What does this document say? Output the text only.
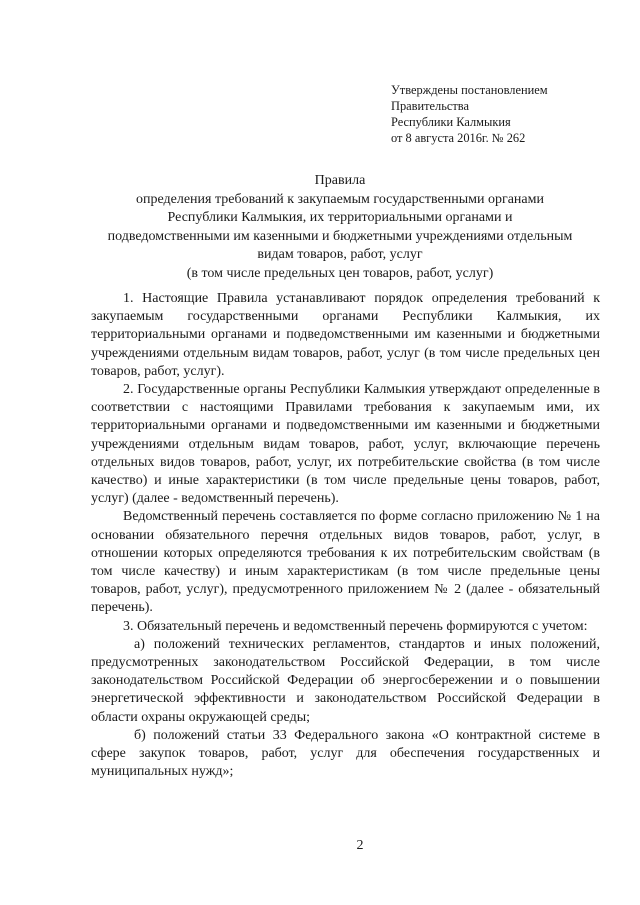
Утверждены постановлением
Правительства
Республики Калмыкия
от 8 августа 2016г. № 262
Правила
определения требований к закупаемым государственными органами
Республики Калмыкия, их территориальными органами и
подведомственными им казенными и бюджетными учреждениями отдельным
видам товаров, работ, услуг
(в том числе предельных цен товаров, работ, услуг)

1. Настоящие Правила устанавливают порядок определения требований к закупаемым государственными органами Республики Калмыкия, их территориальными органами и подведомственными им казенными и бюджетными учреждениями отдельным видам товаров, работ, услуг (в том числе предельных цен товаров, работ, услуг).

2. Государственные органы Республики Калмыкия утверждают определенные в соответствии с настоящими Правилами требования к закупаемым ими, их территориальными органами и подведомственными им казенными и бюджетными учреждениями отдельным видам товаров, работ, услуг, включающие перечень отдельных видов товаров, работ, услуг, их потребительские свойства (в том числе качество) и иные характеристики (в том числе предельные цены товаров, работ, услуг) (далее - ведомственный перечень).

Ведомственный перечень составляется по форме согласно приложению № 1 на основании обязательного перечня отдельных видов товаров, работ, услуг, в отношении которых определяются требования к их потребительским свойствам (в том числе качеству) и иным характеристикам (в том числе предельные цены товаров, работ, услуг), предусмотренного приложением № 2 (далее - обязательный перечень).

3. Обязательный перечень и ведомственный перечень формируются с учетом:

а) положений технических регламентов, стандартов и иных положений, предусмотренных законодательством Российской Федерации, в том числе законодательством Российской Федерации об энергосбережении и о повышении энергетической эффективности и законодательством Российской Федерации в области охраны окружающей среды;

б) положений статьи 33 Федерального закона «О контрактной системе в сфере закупок товаров, работ, услуг для обеспечения государственных и муниципальных нужд»;

2
